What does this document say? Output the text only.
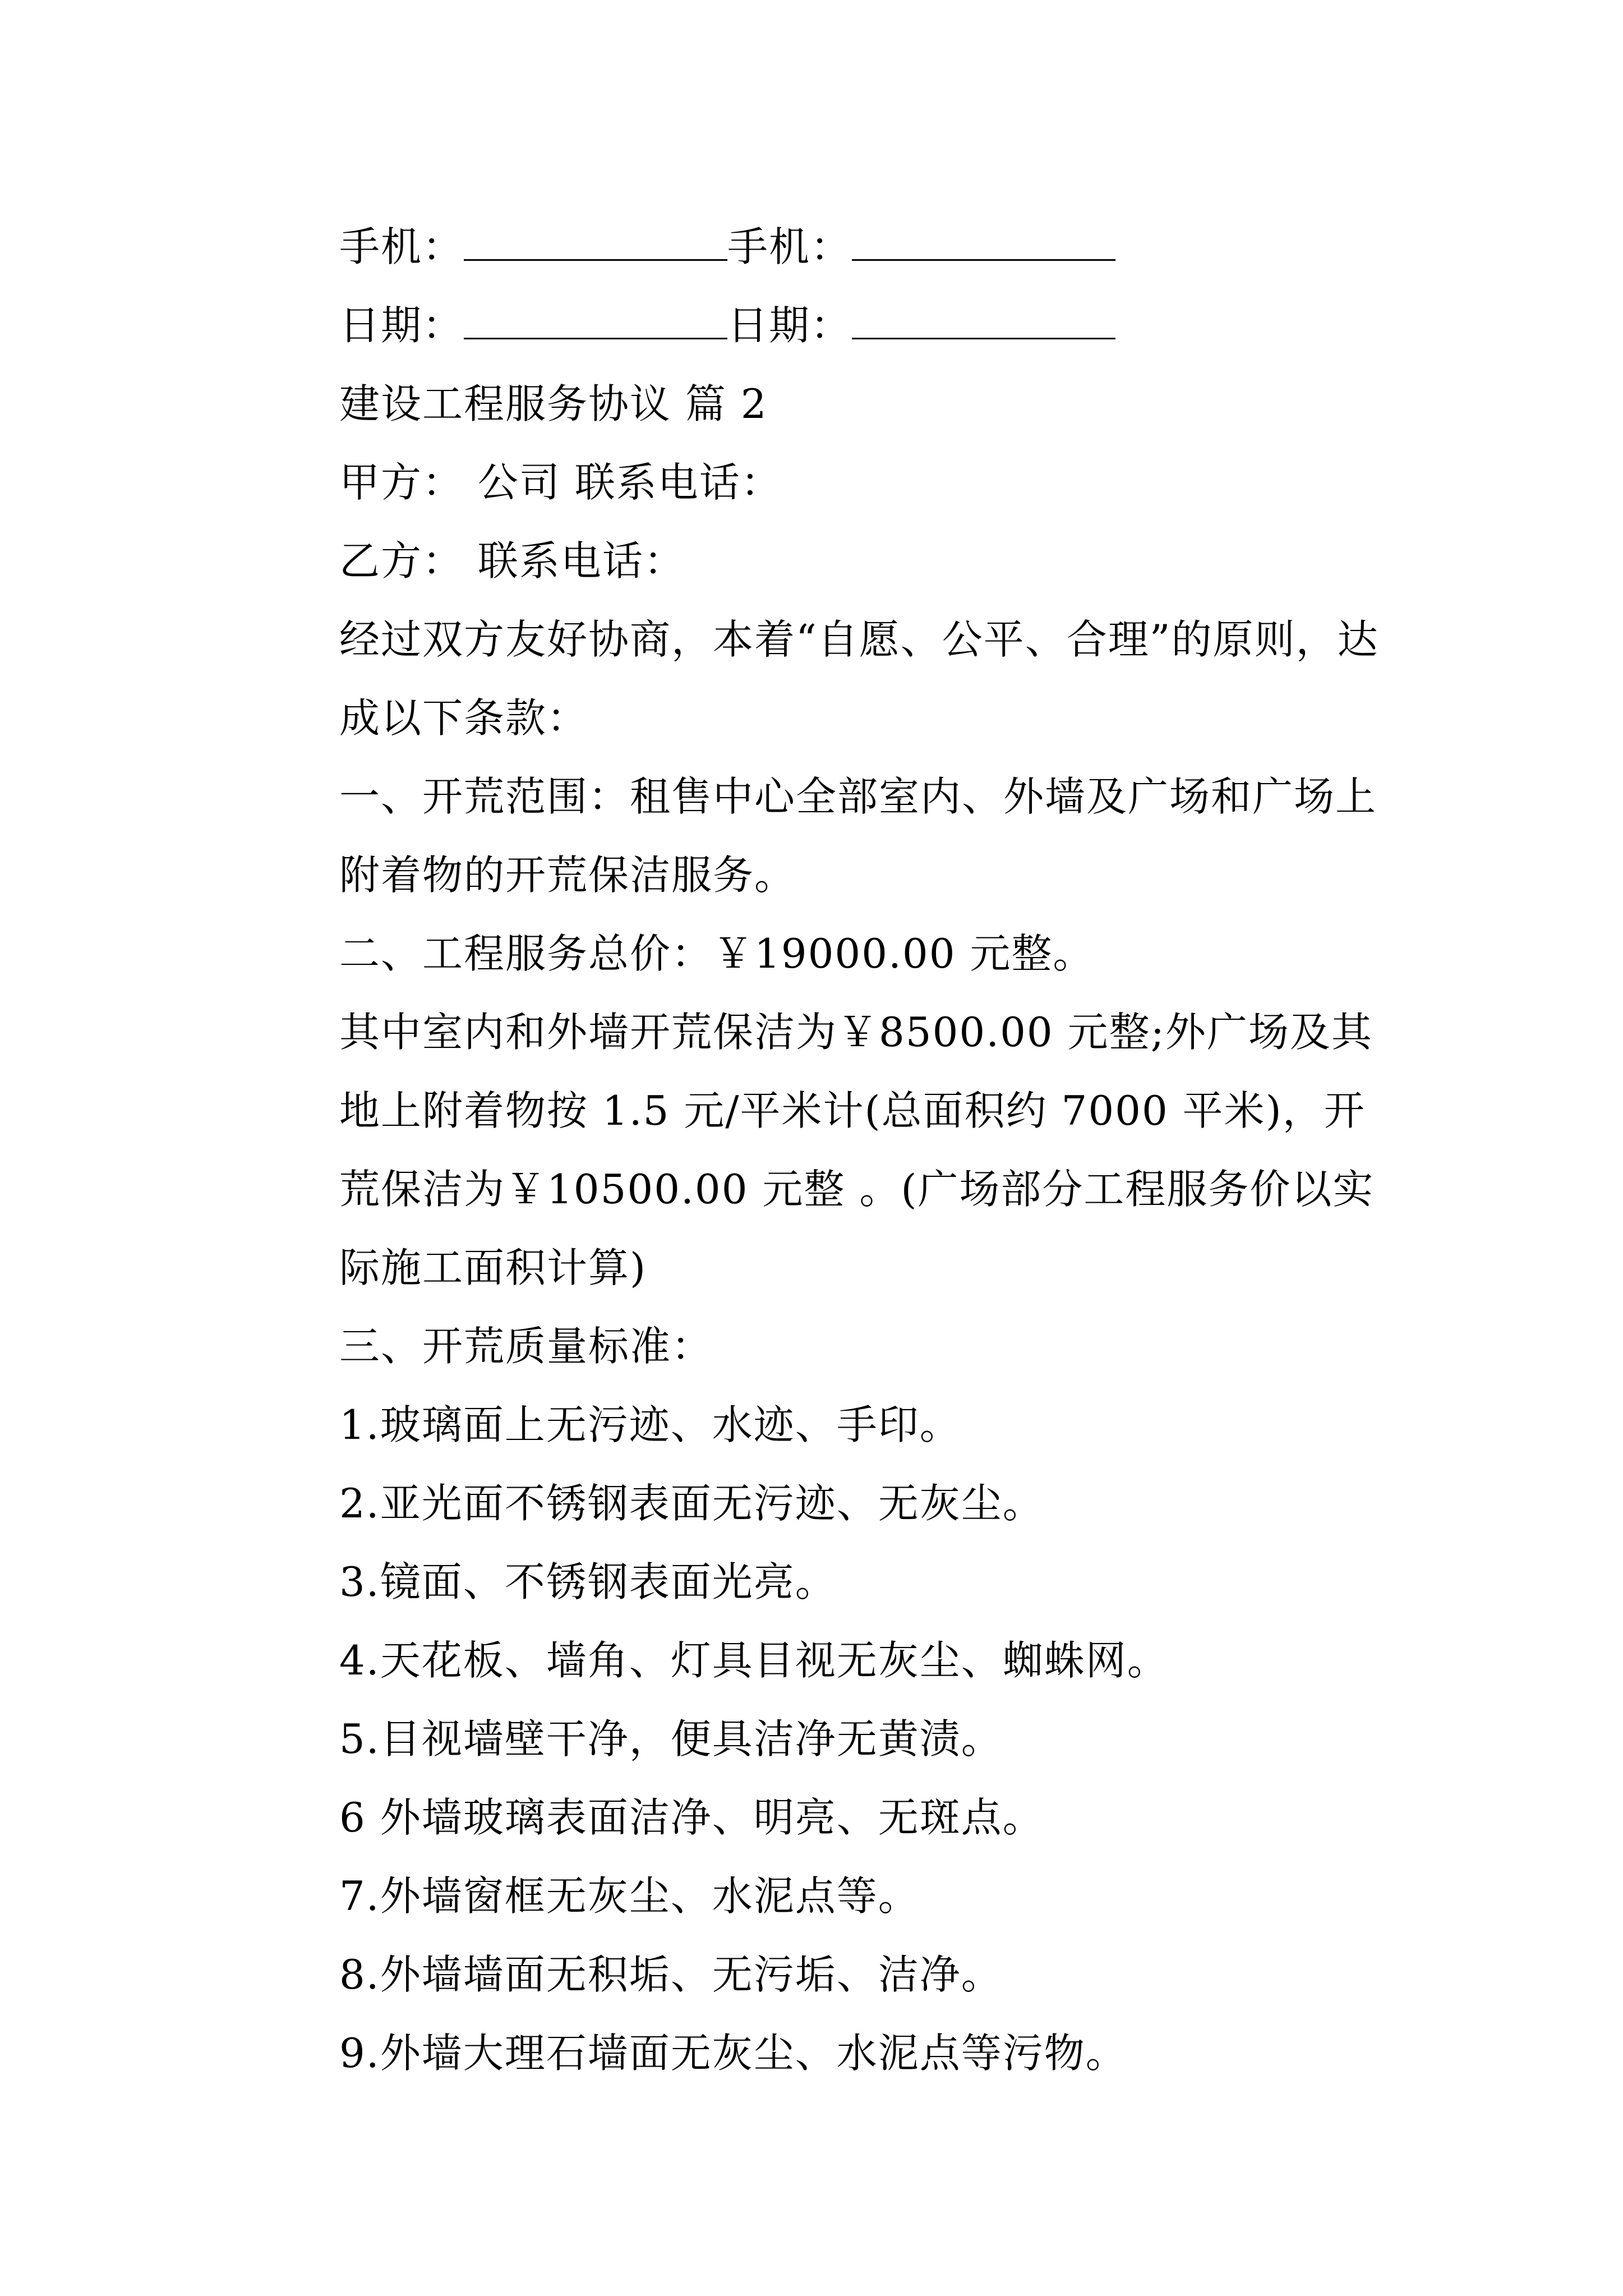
手机：	手机：

日期：	日期：

建设工程服务协议 篇 2

甲方： 公司 联系电话：

乙方： 联系电话：

经过双方友好协商，本着“自愿、公平、合理”的原则，达成以下条款：

一、开荒范围：租售中心全部室内、外墙及广场和广场上附着物的开荒保洁服务。

二、工程服务总价：￥19000.00 元整。

其中室内和外墙开荒保洁为￥8500.00 元整;外广场及其地上附着物按 1.5 元/平米计(总面积约 7000 平米)，开荒保洁为￥10500.00 元整 。(广场部分工程服务价以实际施工面积计算)

三、开荒质量标准：

1.玻璃面上无污迹、水迹、手印。

2.亚光面不锈钢表面无污迹、无灰尘。

3.镜面、不锈钢表面光亮。

4.天花板、墙角、灯具目视无灰尘、蜘蛛网。

5.目视墙壁干净，便具洁净无黄渍。

6 外墙玻璃表面洁净、明亮、无斑点。

7.外墙窗框无灰尘、水泥点等。

8.外墙墙面无积垢、无污垢、洁净。

9.外墙大理石墙面无灰尘、水泥点等污物。
